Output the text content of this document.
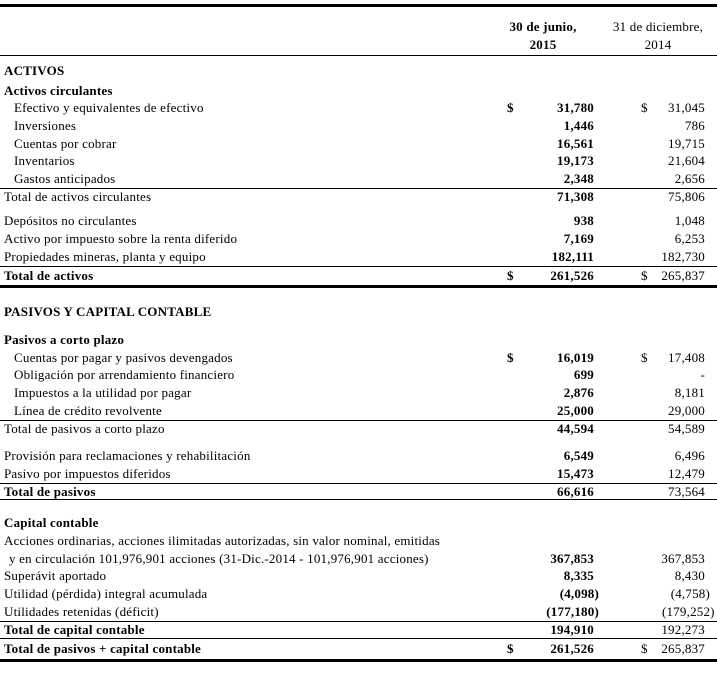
30 de junio,
2015
31 de diciembre,
2014
ACTIVOS
Activos circulantes
Efectivo y equivalentes de efectivo	$	31,780	$	31,045
Inversiones	1,446	786
Cuentas por cobrar	16,561	19,715
Inventarios	19,173	21,604
Gastos anticipados	2,348	2,656
Total de activos circulantes	71,308	75,806
Depósitos no circulantes	938	1,048
Activo por impuesto sobre la renta diferido	7,169	6,253
Propiedades mineras, planta y equipo	182,111	182,730
Total de activos	$	261,526	$	265,837
PASIVOS Y CAPITAL CONTABLE
Pasivos a corto plazo
Cuentas por pagar y pasivos devengados	$	16,019	$	17,408
Obligación por arrendamiento financiero	699	-
Impuestos a la utilidad por pagar	2,876	8,181
Línea de crédito revolvente	25,000	29,000
Total de pasivos a corto plazo	44,594	54,589
Provisión para reclamaciones y rehabilitación	6,549	6,496
Pasivo por impuestos diferidos	15,473	12,479
Total de pasivos	66,616	73,564
Capital contable
Acciones ordinarias, acciones ilimitadas autorizadas, sin valor nominal, emitidas
y en circulación 101,976,901 acciones (31-Dic.-2014 - 101,976,901 acciones)	367,853	367,853
Superávit aportado	8,335	8,430
Utilidad (pérdida) integral acumulada	(4,098)	(4,758)
Utilidades retenidas (déficit)	(177,180)	(179,252)
Total de capital contable	194,910	192,273
Total de pasivos + capital contable	$	261,526	$	265,837
